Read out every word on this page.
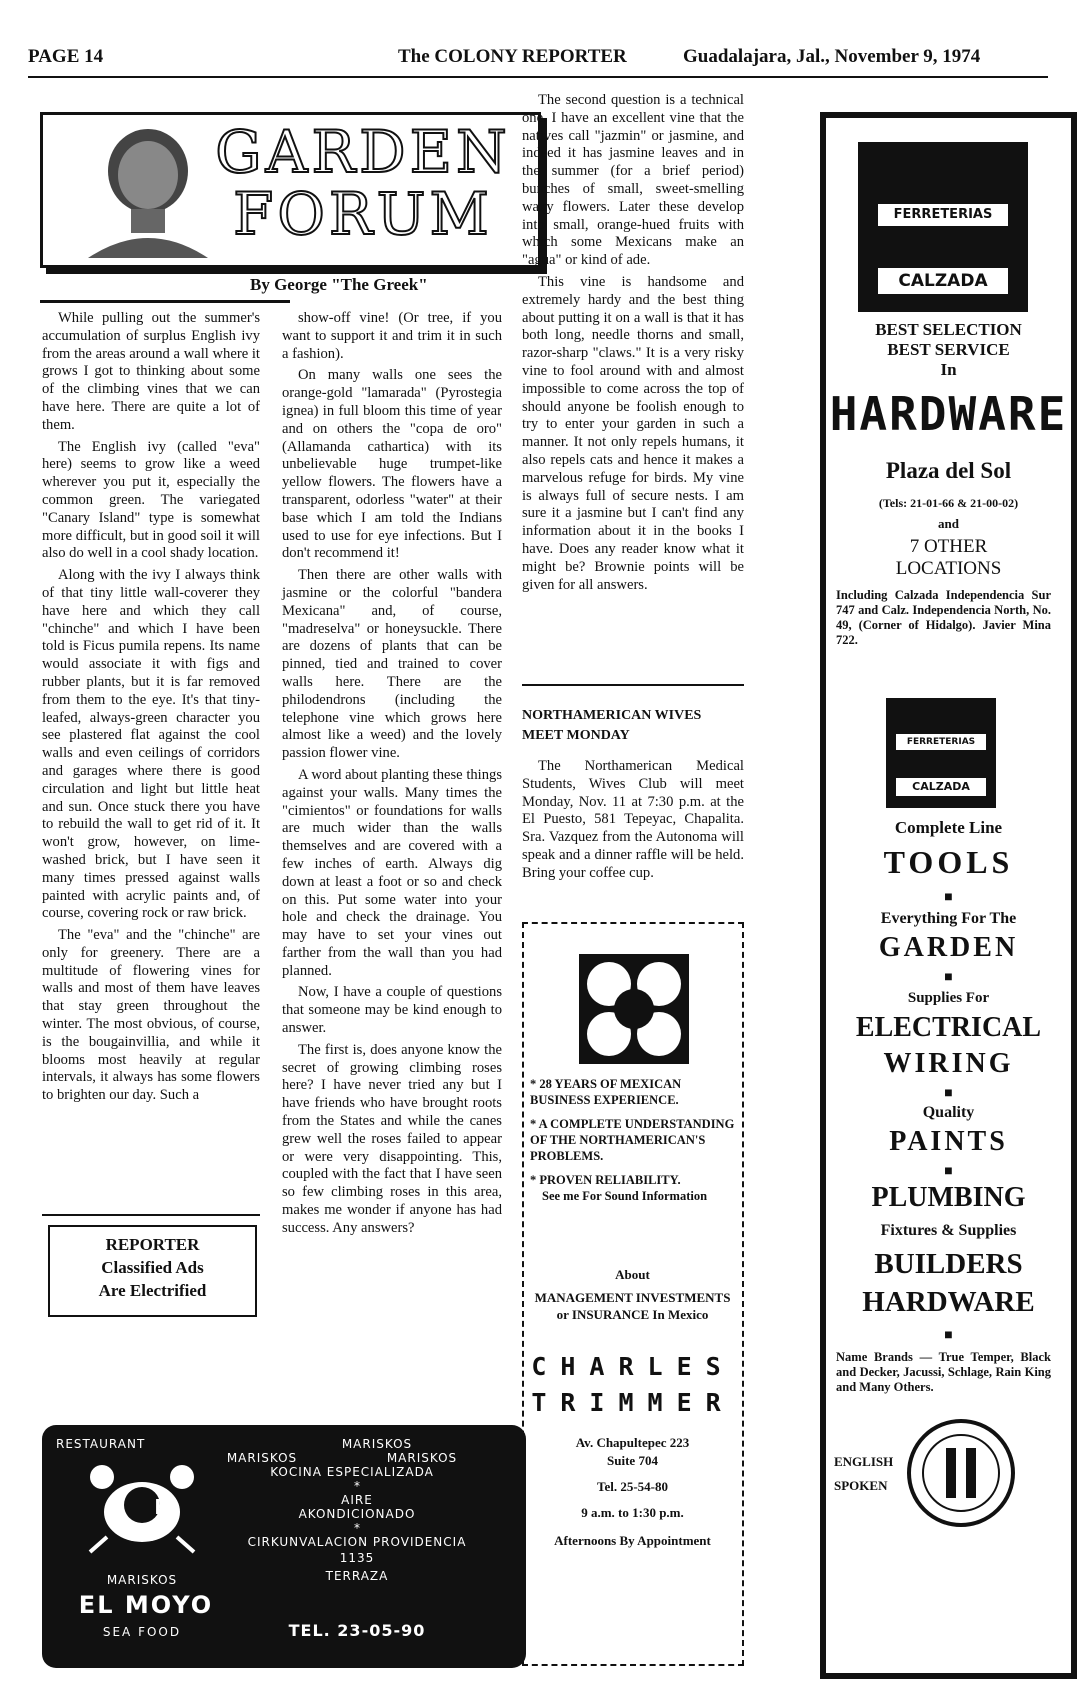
PAGE 14	The COLONY REPORTER	Guadalajara, Jal., November 9, 1974
GARDEN
FORUM
By George "The Greek"

While pulling out the summer's accumulation of surplus English ivy from the areas around a wall where it grows I got to thinking about some of the climbing vines that we can have here. There are quite a lot of them.

The English ivy (called "eva" here) seems to grow like a weed wherever you put it, especially the common green. The variegated "Canary Island" type is somewhat more difficult, but in good soil it will also do well in a cool shady location.

Along with the ivy I always think of that tiny little wall-coverer they have here and which they call "chinche" and which I have been told is Ficus pumila repens. Its name would associate it with figs and rubber plants, but it is far removed from them to the eye. It's that tiny-leafed, always-green character you see plastered flat against the cool walls and even ceilings of corridors and garages where there is good circulation and light but little heat and sun. Once stuck there you have to rebuild the wall to get rid of it. It won't grow, however, on lime-washed brick, but I have seen it many times pressed against walls painted with acrylic paints and, of course, covering rock or raw brick.

The "eva" and the "chinche" are only for greenery. There are a multitude of flowering vines for walls and most of them have leaves that stay green throughout the winter. The most obvious, of course, is the bougainvillia, and while it blooms most heavily at regular intervals, it always has some flowers to brighten our day. Such a

REPORTER
Classified Ads
Are Electrified

show-off vine! (Or tree, if you want to support it and trim it in such a fashion).

On many walls one sees the orange-gold "lamarada" (Pyrostegia ignea) in full bloom this time of year and on others the "copa de oro" (Allamanda cathartica) with its unbelievable huge trumpet-like yellow flowers. The flowers have a transparent, odorless "water" at their base which I am told the Indians used to use for eye infections. But I don't recommend it!

Then there are other walls with jasmine or the colorful "bandera Mexicana" and, of course, "madreselva" or honeysuckle. There are dozens of plants that can be pinned, tied and trained to cover walls here. There are the philodendrons (including the telephone vine which grows here almost like a weed) and the lovely passion flower vine.

A word about planting these things against your walls. Many times the "cimientos" or foundations for walls are much wider than the walls themselves and are covered with a few inches of earth. Always dig down at least a foot or so and check on this. Put some water into your hole and check the drainage. You may have to set your vines out farther from the wall than you had planned.

Now, I have a couple of questions that someone may be kind enough to answer.

The first is, does anyone know the secret of growing climbing roses here? I have never tried any but I have friends who have brought roots from the States and while the canes grew well the roses failed to appear or were very disappointing. This, coupled with the fact that I have seen so few climbing roses in this area, makes me wonder if anyone has had success. Any answers?

The second question is a technical one. I have an excellent vine that the natives call "jazmin" or jasmine, and indeed it has jasmine leaves and in the summer (for a brief period) bunches of small, sweet-smelling waxy flowers. Later these develop into small, orange-hued fruits with which some Mexicans make an "agua" or kind of ade.

This vine is handsome and extremely hardy and the best thing about putting it on a wall is that it has both long, needle thorns and small, razor-sharp "claws." It is a very risky vine to fool around with and almost impossible to come across the top of should anyone be foolish enough to try to enter your garden in such a manner. It not only repels humans, it also repels cats and hence it makes a marvelous refuge for birds. My vine is always full of secure nests. I am sure it a jasmine but I can't find any information about it in the books I have. Does any reader know what it might be? Brownie points will be given for all answers.

NORTHAMERICAN WIVES
MEET MONDAY

The Northamerican Medical Students, Wives Club will meet Monday, Nov. 11 at 7:30 p.m. at the El Puesto, 581 Tepeyac, Chapalita. Sra. Vazquez from the Autonoma will speak and a dinner raffle will be held. Bring your coffee cup.

* 28 YEARS OF MEXICAN BUSINESS EXPERIENCE.
* A COMPLETE UNDERSTANDING OF THE NORTHAMERICAN'S PROBLEMS.
* PROVEN RELIABILITY.
See me For Sound Information
About
MANAGEMENT INVESTMENTS or INSURANCE In Mexico
CHARLES
TRIMMER
Av. Chapultepec 223
Suite 704
Tel. 25-54-80
9 a.m. to 1:30 p.m.
Afternoons By Appointment
RESTAURANT	MARISKOS
MARISKOS	MARISKOS
KOCINA ESPECIALIZADA
*
AIRE
AKONDICIONADO
*
CIRKUNVALACION PROVIDENCIA
1135
TERRAZA
K
MARISKOS
EL MOYO
SEA FOOD	TEL. 23-05-90
FERRETERIAS
CALZADA
BEST SELECTION
BEST SERVICE
In
HARDWARE
Plaza del Sol
(Tels: 21-01-66 & 21-00-02)
and
7 OTHER
LOCATIONS
Including Calzada Independencia Sur 747 and Calz. Independencia North, No. 49, (Corner of Hidalgo). Javier Mina 722.
FERRETERIAS
CALZADA
Complete Line
TOOLS
■
Everything For The
GARDEN
■
Supplies For
ELECTRICAL
WIRING
■
Quality
PAINTS
■
PLUMBING
Fixtures & Supplies
BUILDERS
HARDWARE
■
Name Brands — True Temper, Black and Decker, Jacussi, Schlage, Rain King and Many Others.
ENGLISH
SPOKEN
